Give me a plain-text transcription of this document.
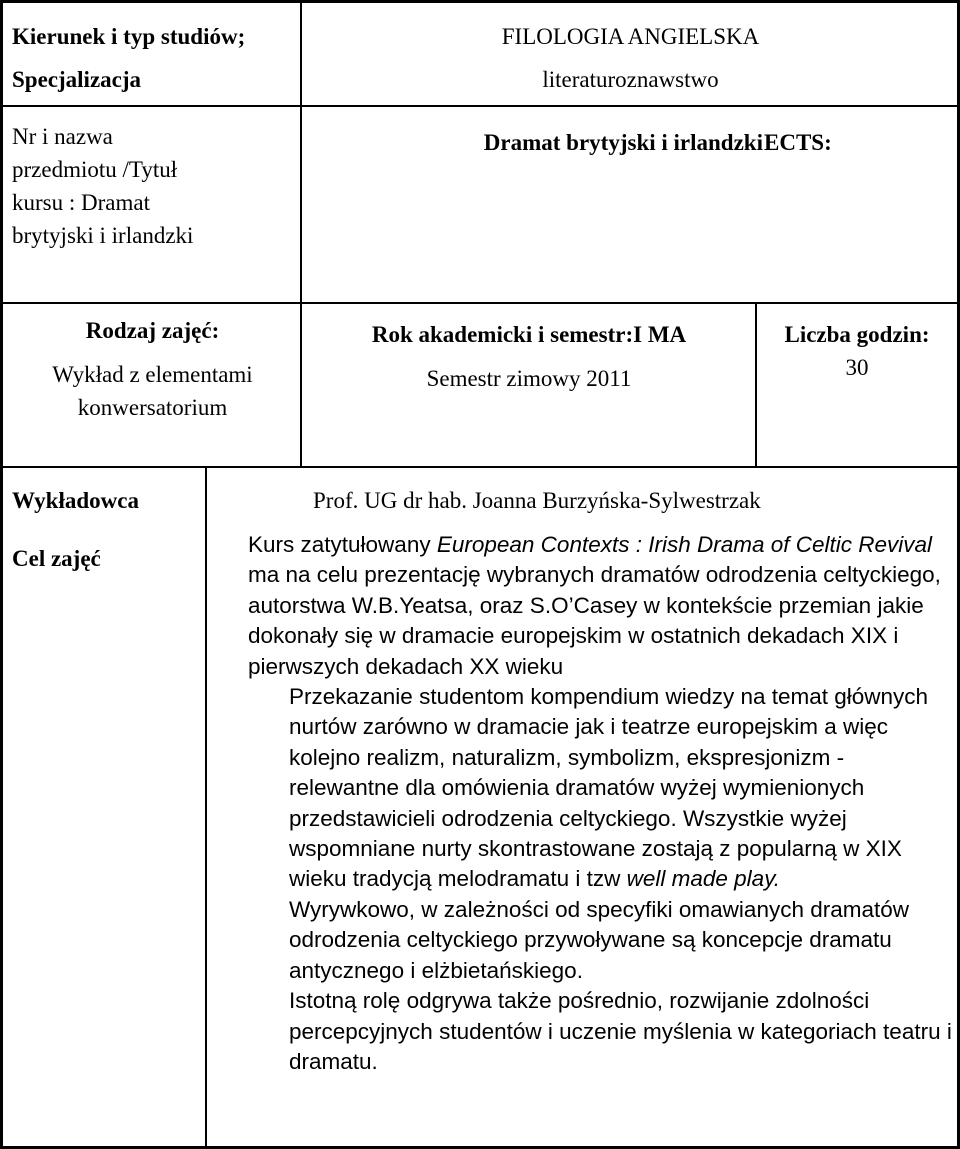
Kierunek i typ studiów;
Specjalizacja
FILOLOGIA ANGIELSKA
literaturoznawstwo
Nr i nazwa
przedmiotu /Tytuł
kursu : Dramat
brytyjski i irlandzki
Dramat brytyjski i irlandzki ECTS:
Rodzaj zajęć:
Wykład z elementami
konwersatorium
Rok akademicki i semestr:I MA
Semestr zimowy 2011
Liczba godzin:
30
Wykładowca
Cel zajęć
Prof. UG dr hab. Joanna Burzyńska-Sylwestrzak

Kurs zatytułowany European Contexts : Irish Drama of Celtic Revival ma na celu prezentację wybranych dramatów odrodzenia celtyckiego, autorstwa W.B.Yeatsa, oraz S.O’Casey w kontekście przemian jakie dokonały się w dramacie europejskim w ostatnich dekadach XIX i pierwszych dekadach XX wieku

Przekazanie studentom kompendium wiedzy na temat głównych nurtów zarówno w dramacie jak i teatrze europejskim a więc kolejno realizm, naturalizm, symbolizm, ekspresjonizm - relewantne dla omówienia dramatów wyżej wymienionych przedstawicieli odrodzenia celtyckiego. Wszystkie wyżej wspomniane nurty skontrastowane zostają z popularną w XIX wieku tradycją melodramatu i tzw well made play.

Wyrywkowo, w zależności od specyfiki omawianych dramatów odrodzenia celtyckiego przywoływane są koncepcje dramatu antycznego i elżbietańskiego.

Istotną rolę odgrywa także pośrednio, rozwijanie zdolności percepcyjnych studentów i uczenie myślenia w kategoriach teatru i dramatu.
